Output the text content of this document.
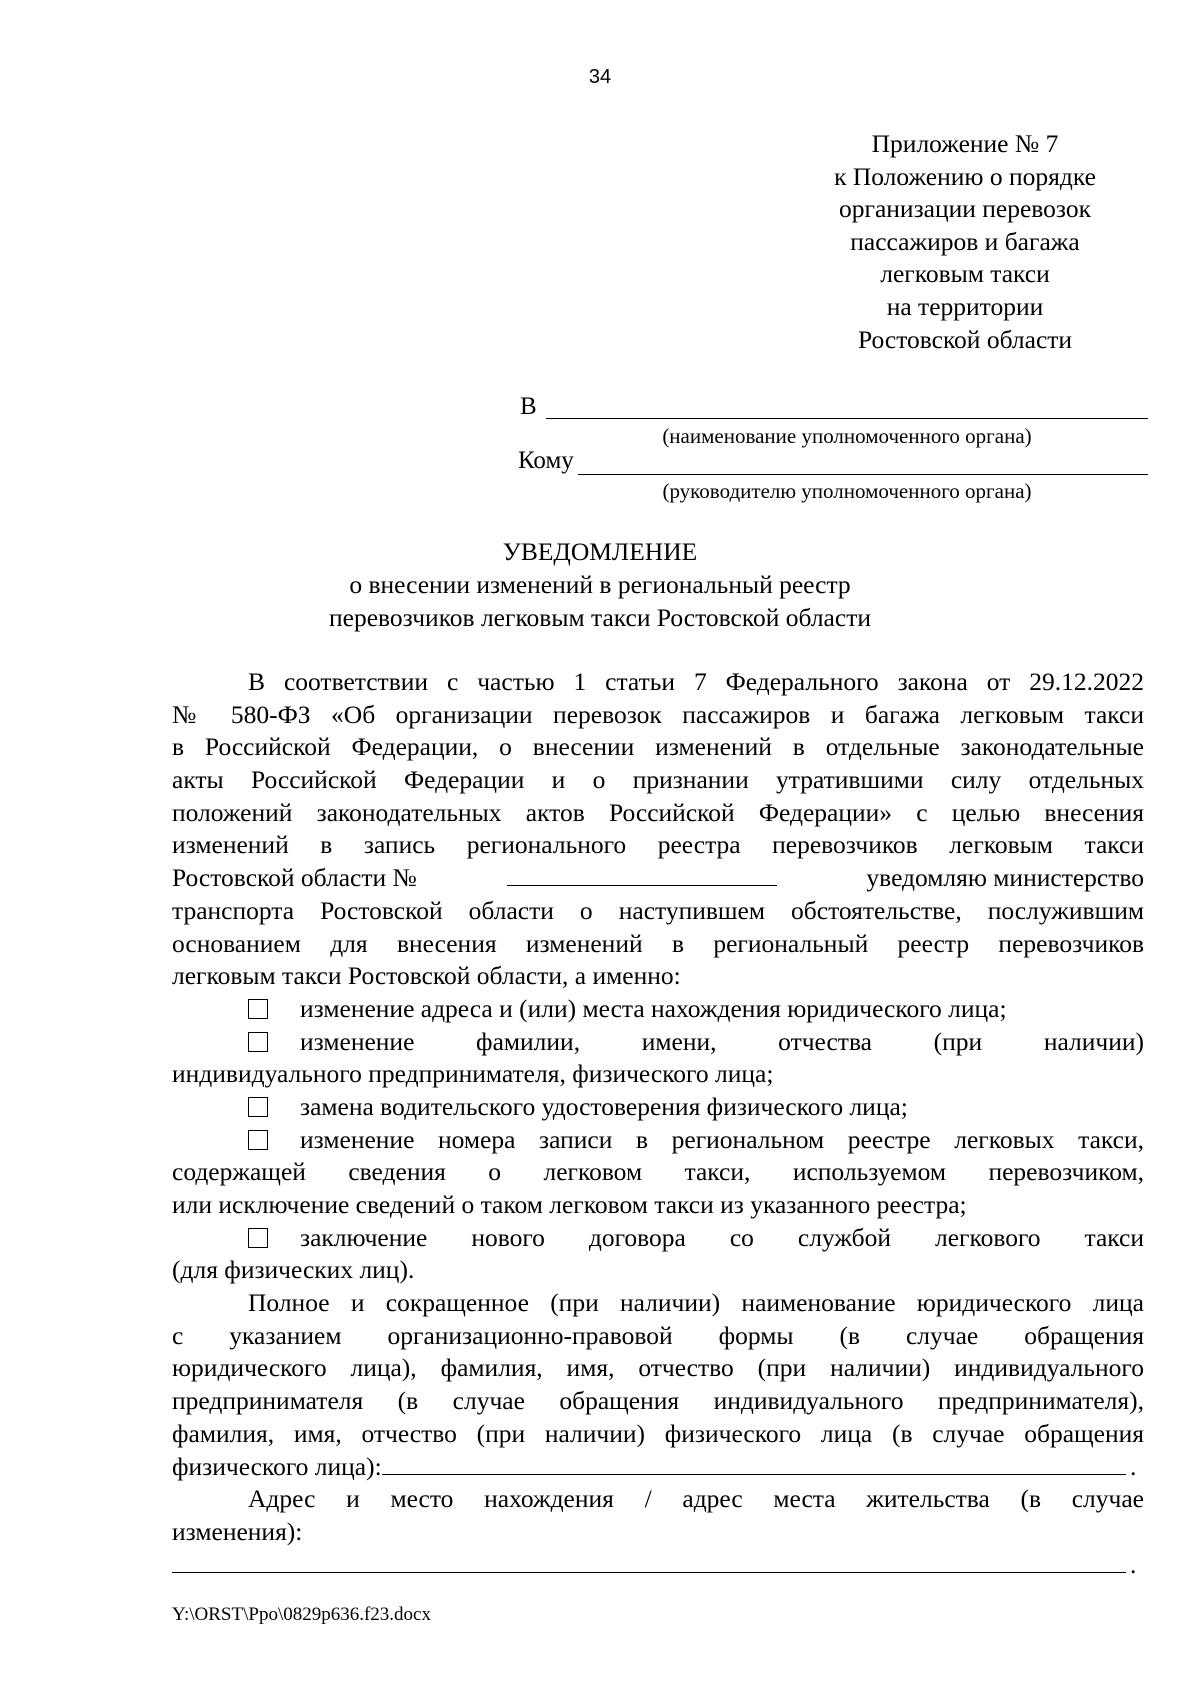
34
Приложение № 7
к Положению о порядке
организации перевозок
пассажиров и багажа
легковым такси
на территории
Ростовской области
В
(наименование уполномоченного органа)
Кому
(руководителю уполномоченного органа)
УВЕДОМЛЕНИЕ
о внесении изменений в региональный реестр
перевозчиков легковым такси Ростовской области
В соответствии с частью 1 статьи 7 Федерального закона от 29.12.2022
№ 580-ФЗ «Об организации перевозок пассажиров и багажа легковым такси
в Российской Федерации, о внесении изменений в отдельные законодательные
акты Российской Федерации и о признании утратившими силу отдельных
положений законодательных актов Российской Федерации» с целью внесения
изменений в запись регионального реестра перевозчиков легковым такси
Ростовской области №	уведомляю министерство
транспорта Ростовской области о наступившем обстоятельстве, послужившим
основанием для внесения изменений в региональный реестр перевозчиков
легковым такси Ростовской области, а именно:
изменение адреса и (или) места нахождения юридического лица;
изменение фамилии, имени, отчества (при наличии)
индивидуального предпринимателя, физического лица;
замена водительского удостоверения физического лица;
изменение номера записи в региональном реестре легковых такси,
содержащей сведения о легковом такси, используемом перевозчиком,
или исключение сведений о таком легковом такси из указанного реестра;
заключение нового договора со службой легкового такси
(для физических лиц).
Полное и сокращенное (при наличии) наименование юридического лица
с указанием организационно-правовой формы (в случае обращения
юридического лица), фамилия, имя, отчество (при наличии) индивидуального
предпринимателя (в случае обращения индивидуального предпринимателя),
фамилия, имя, отчество (при наличии) физического лица (в случае обращения
физического лица):	.
Адрес и место нахождения / адрес места жительства (в случае
изменения):
.
Y:\ORST\Ppo\0829p636.f23.docx
